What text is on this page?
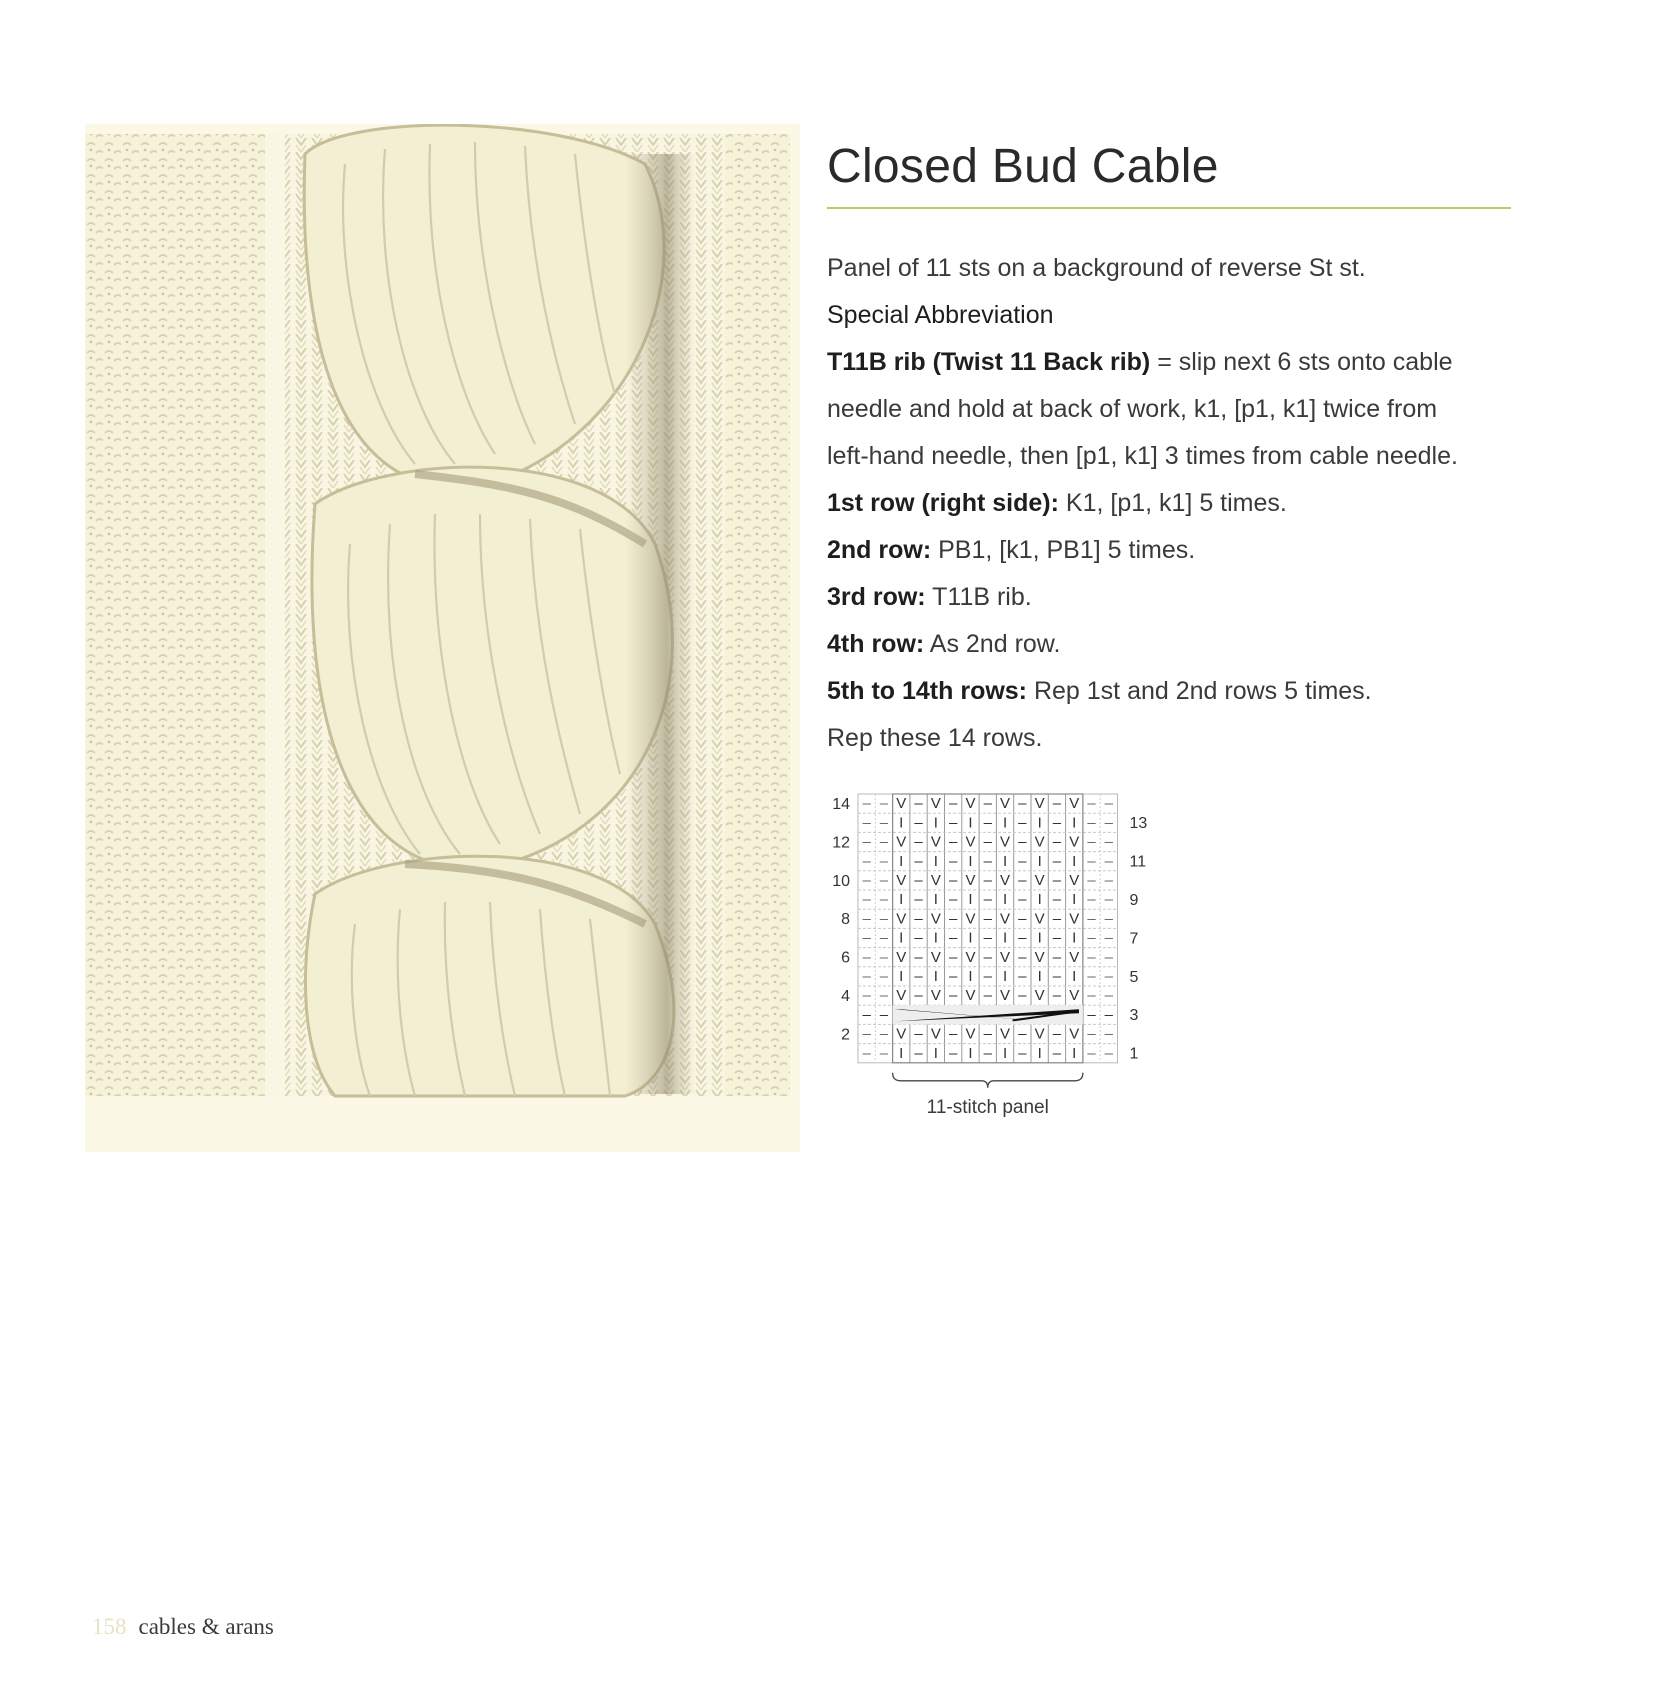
Closed Bud Cable
Panel of 11 sts on a background of reverse St st.
Special Abbreviation
T11B rib (Twist 11 Back rib) = slip next 6 sts onto cable
needle and hold at back of work, k1, [p1, k1] twice from
left-hand needle, then [p1, k1] 3 times from cable needle.
1st row (right side): K1, [p1, k1] 5 times.
2nd row: PB1, [k1, PB1] 5 times.
3rd row: T11B rib.
4th row: As 2nd row.
5th to 14th rows: Rep 1st and 2nd rows 5 times.
Rep these 14 rows.
– – I – I – I – I – I – I – –
– – V – V – V – V – V – V – –
– – V – V – V – V – V – V – –
– – I – I – I – I – I – I – –
– – V – V – V – V – V – V – –
– – I – I – I – I – I – I – –
– – V – V – V – V – V – V – –
– – I – I – I – I – I – I – –
– – V – V – V – V – V – V – –
– – I – I – I – I – I – I – –
– – V – V – V – V – V – V – –
– – I – I – I – I – I – I – –
– – V – V – V – V – V – V – –
– –	– –
14
12
10
8
6
4
2
13
11
9
7
5
3
1
11-stitch panel
158 cables & arans
